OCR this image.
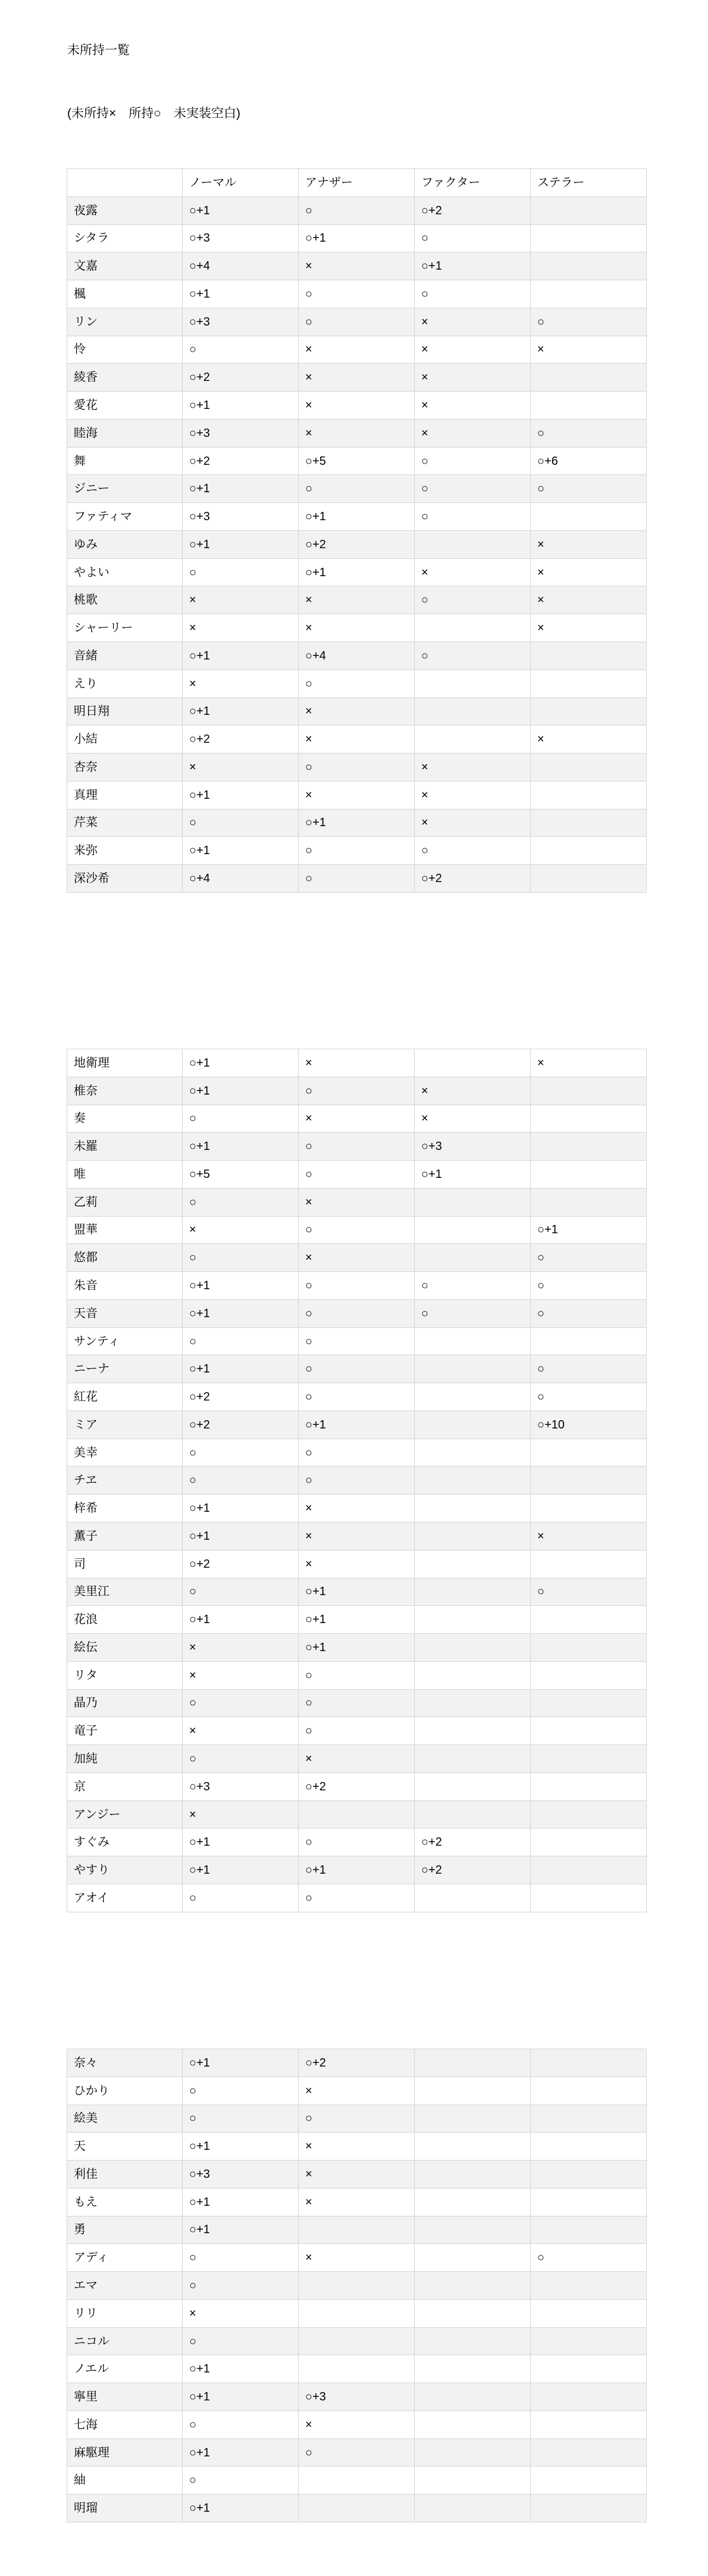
未所持一覧
(未所持×　所持○　未実装空白)
	ノーマル	アナザー	ファクター	ステラー
夜露	○+1	○	○+2	
シタラ	○+3	○+1	○	
文嘉	○+4	×	○+1	
楓	○+1	○	○	
リン	○+3	○	×	○
怜	○	×	×	×
綾香	○+2	×	×	
愛花	○+1	×	×	
睦海	○+3	×	×	○
舞	○+2	○+5	○	○+6
ジニー	○+1	○	○	○
ファティマ	○+3	○+1	○	
ゆみ	○+1	○+2		×
やよい	○	○+1	×	×
桃歌	×	×	○	×
シャーリー	×	×		×
音緒	○+1	○+4	○	
えり	×	○		
明日翔	○+1	×		
小結	○+2	×		×
杏奈	×	○	×	
真理	○+1	×	×	
芹菜	○	○+1	×	
来弥	○+1	○	○	
深沙希	○+4	○	○+2	
地衛理	○+1	×		×
椎奈	○+1	○	×	
奏	○	×	×	
未羅	○+1	○	○+3	
唯	○+5	○	○+1	
乙莉	○	×		
盟華	×	○		○+1
悠都	○	×		○
朱音	○+1	○	○	○
天音	○+1	○	○	○
サンティ	○	○		
ニーナ	○+1	○		○
紅花	○+2	○		○
ミア	○+2	○+1		○+10
美幸	○	○		
チヱ	○	○		
梓希	○+1	×		
薫子	○+1	×		×
司	○+2	×		
美里江	○	○+1		○
花浪	○+1	○+1		
絵伝	×	○+1		
リタ	×	○		
晶乃	○	○		
竜子	×	○		
加純	○	×		
京	○+3	○+2		
アンジー	×			
すぐみ	○+1	○	○+2	
やすり	○+1	○+1	○+2	
アオイ	○	○		
奈々	○+1	○+2		
ひかり	○	×		
絵美	○	○		
天	○+1	×		
利佳	○+3	×		
もえ	○+1	×		
勇	○+1			
アディ	○	×		○
エマ	○			
リリ	×			
ニコル	○			
ノエル	○+1			
寧里	○+1	○+3		
七海	○	×		
麻駆理	○+1	○		
紬	○			
明瑠	○+1			
